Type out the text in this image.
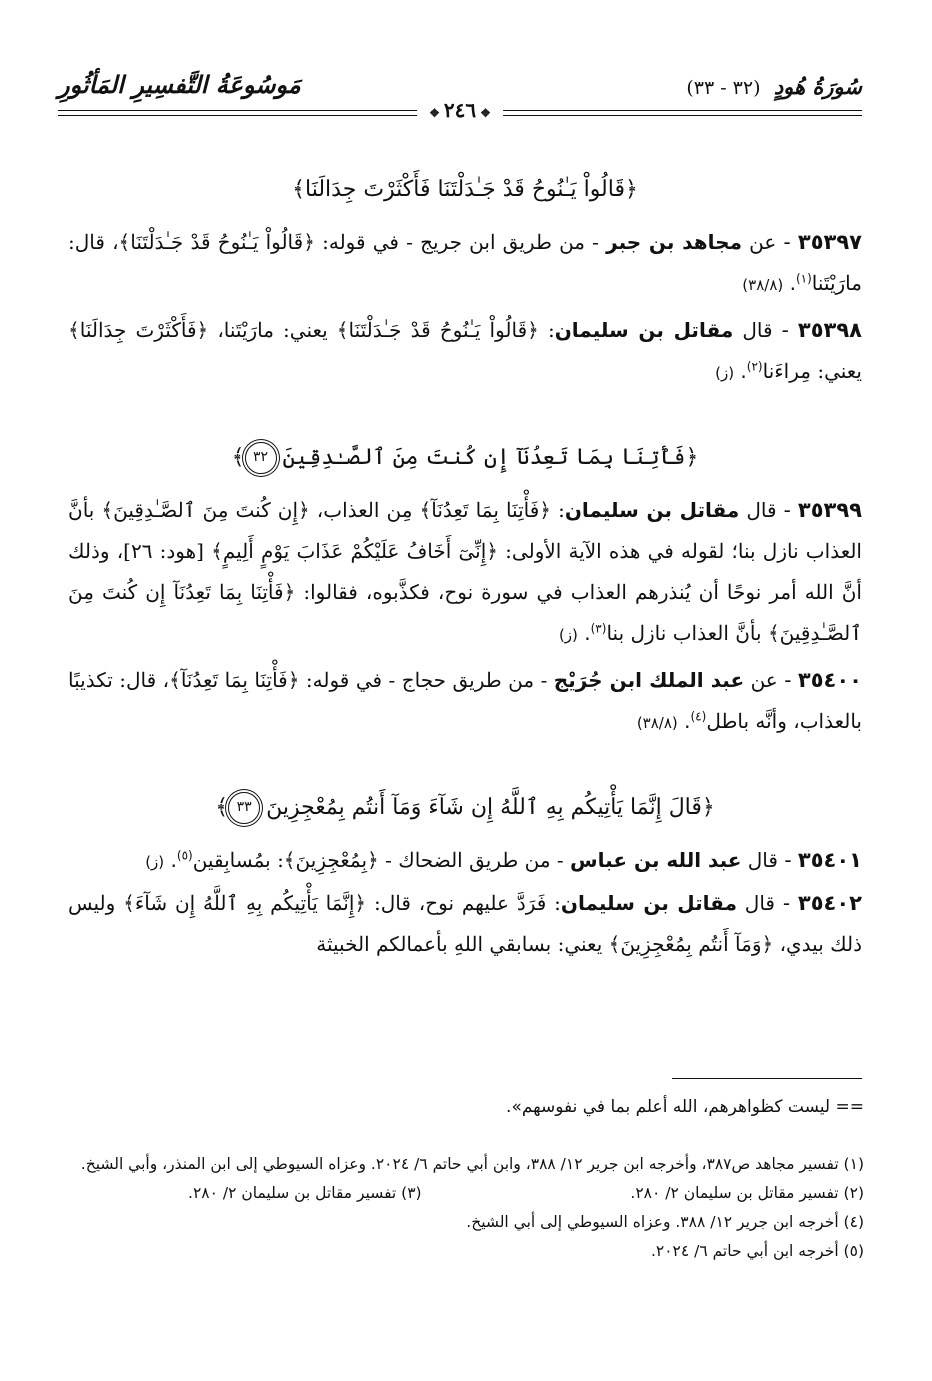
سُورَةُ هُودٍ (٣٢ - ٣٣)
مَوسُوعَةُ التَّفسِيرِ المَأثُورِ
❖٢٤٦❖

﴿قَالُواْ يَـٰنُوحُ قَدْ جَـٰدَلْتَنَا فَأَكْثَرْتَ جِدَالَنَا﴾

٣٥٣٩٧ - عن مجاهد بن جبر - من طريق ابن جريج - في قوله: ﴿قَالُواْ يَـٰنُوحُ قَدْ جَـٰدَلْتَنَا﴾، قال: مارَيْتَنا$^{(١)}$. (٣٨/٨)

٣٥٣٩٨ - قال مقاتل بن سليمان: ﴿قَالُواْ يَـٰنُوحُ قَدْ جَـٰدَلْتَنَا﴾ يعني: مارَيْتَنا، ﴿فَأَكْثَرْتَ جِدَالَنَا﴾ يعني: مِراءَنا$^{(٢)}$. (ز)

﴿فَأْتِنَا بِمَا تَعِدُنَآ إِن كُنتَ مِنَ ٱلصَّـٰدِقِينَ٣٢﴾

٣٥٣٩٩ - قال مقاتل بن سليمان: ﴿فَأْتِنَا بِمَا تَعِدُنَآ﴾ مِن العذاب، ﴿إِن كُنتَ مِنَ ٱلصَّـٰدِقِينَ﴾ بأنَّ العذاب نازل بنا؛ لقوله في هذه الآية الأولى: ﴿إِنِّىٓ أَخَافُ عَلَيْكُمْ عَذَابَ يَوْمٍ أَلِيمٍ﴾ [هود: ٢٦]، وذلك أنَّ الله أمر نوحًا أن يُنذرهم العذاب في سورة نوح، فكذَّبوه، فقالوا: ﴿فَأْتِنَا بِمَا تَعِدُنَآ إِن كُنتَ مِنَ ٱلصَّـٰدِقِينَ﴾ بأنَّ العذاب نازل بنا$^{(٣)}$. (ز)

٣٥٤٠٠ - عن عبد الملك ابن جُرَيْج - من طريق حجاج - في قوله: ﴿فَأْتِنَا بِمَا تَعِدُنَآ﴾، قال: تكذيبًا بالعذاب، وأنَّه باطل$^{(٤)}$. (٣٨/٨)

﴿قَالَ إِنَّمَا يَأْتِيكُم بِهِ ٱللَّهُ إِن شَآءَ وَمَآ أَنتُم بِمُعْجِزِينَ٣٣﴾

٣٥٤٠١ - قال عبد الله بن عباس - من طريق الضحاك - ﴿بِمُعْجِزِينَ﴾: بمُسابِقين$^{(٥)}$. (ز)

٣٥٤٠٢ - قال مقاتل بن سليمان: فَرَدَّ عليهم نوح، قال: ﴿إِنَّمَا يَأْتِيكُم بِهِ ٱللَّهُ إِن شَآءَ﴾ وليس ذلك بيدي، ﴿وَمَآ أَنتُم بِمُعْجِزِينَ﴾ يعني: بسابقي اللهِ بأعمالكم الخبيثة

== ليست كظواهرهم، الله أعلم بما في نفوسهم».

(١) تفسير مجاهد ص٣٨٧، وأخرجه ابن جرير ١٢/ ٣٨٨، وابن أبي حاتم ٦/ ٢٠٢٤. وعزاه السيوطي إلى ابن المنذر، وأبي الشيخ.

(٢) تفسير مقاتل بن سليمان ٢/ ٢٨٠.
(٣) تفسير مقاتل بن سليمان ٢/ ٢٨٠.

(٤) أخرجه ابن جرير ١٢/ ٣٨٨. وعزاه السيوطي إلى أبي الشيخ.

(٥) أخرجه ابن أبي حاتم ٦/ ٢٠٢٤.
